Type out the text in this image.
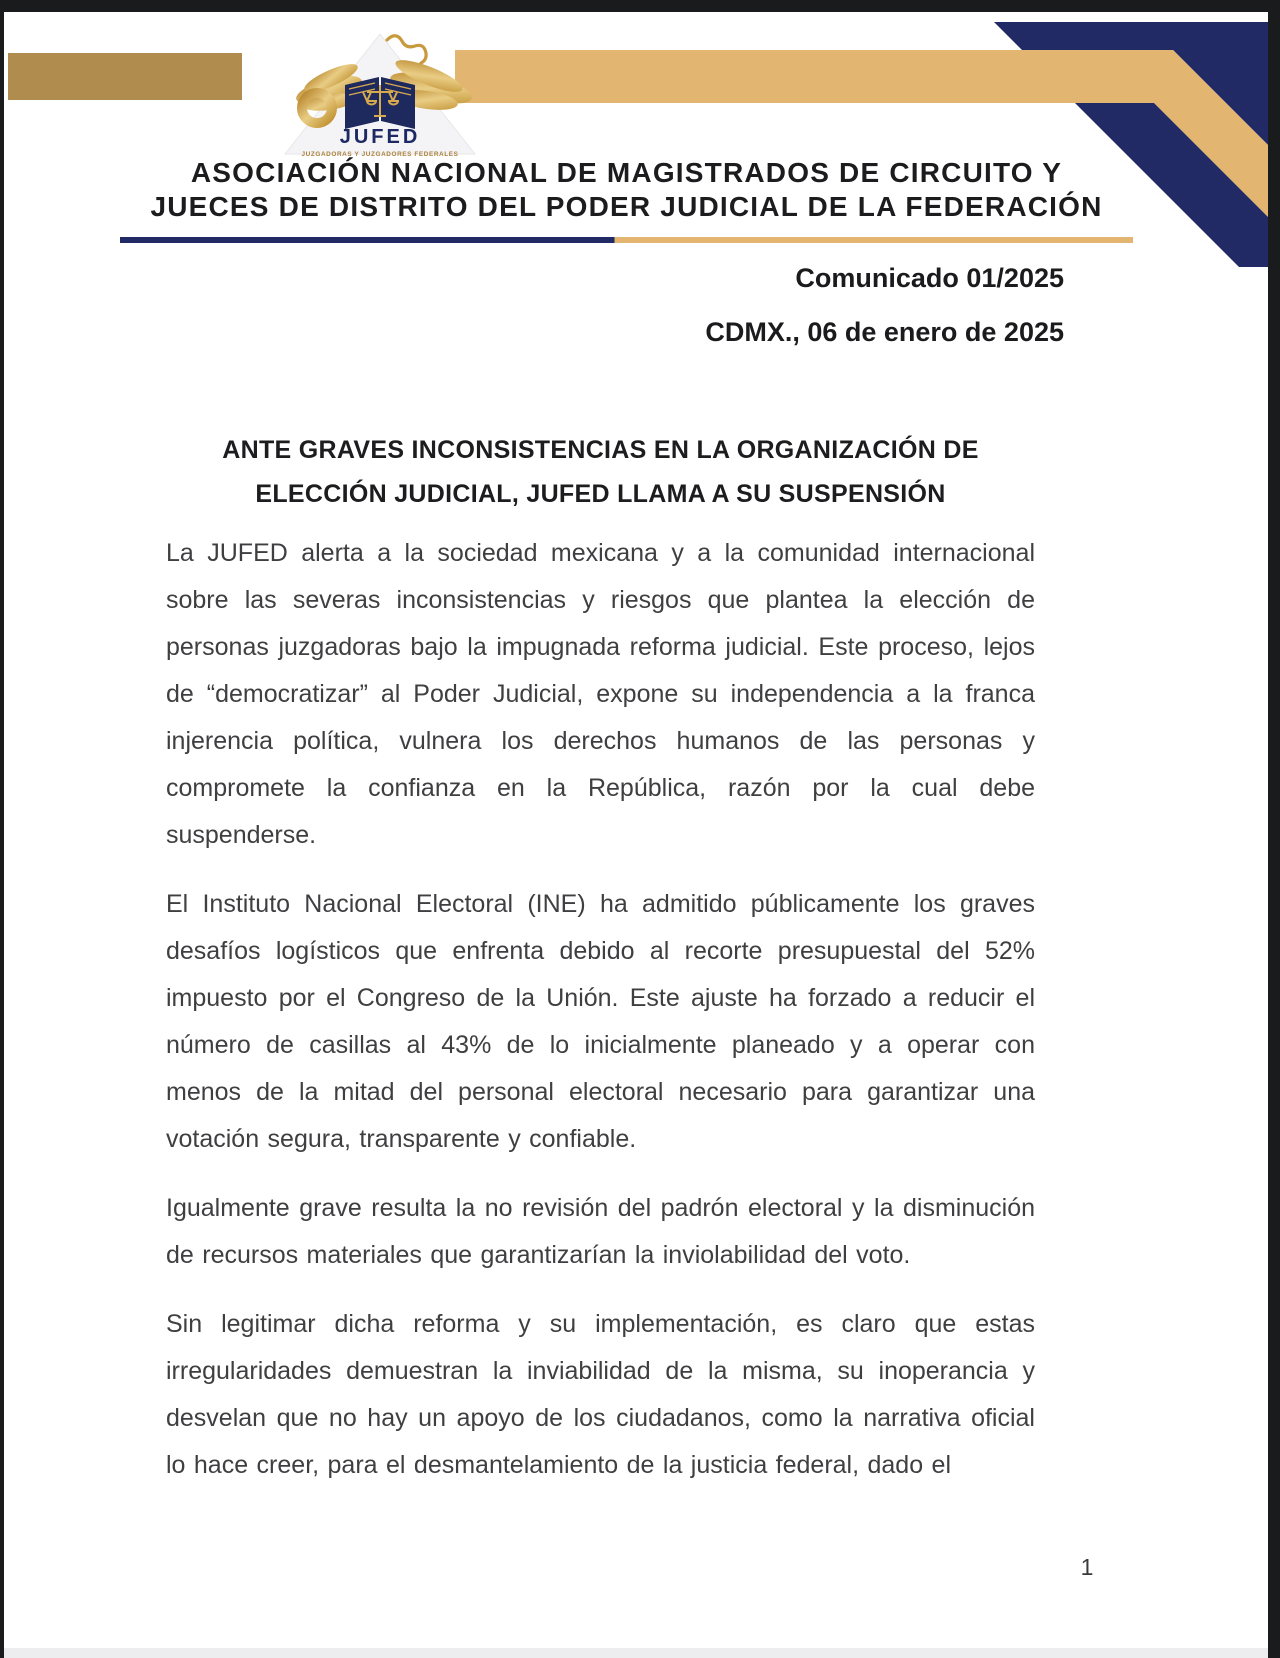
JUFED
JUZGADORAS Y JUZGADORES FEDERALES
ASOCIACIÓN NACIONAL DE MAGISTRADOS DE CIRCUITO Y
JUECES DE DISTRITO DEL PODER JUDICIAL DE LA FEDERACIÓN
Comunicado 01/2025
CDMX., 06 de enero de 2025
ANTE GRAVES INCONSISTENCIAS EN LA ORGANIZACIÓN DE
ELECCIÓN JUDICIAL, JUFED LLAMA A SU SUSPENSIÓN

La JUFED alerta a la sociedad mexicana y a la comunidad internacional sobre las severas inconsistencias y riesgos que plantea la elección de personas juzgadoras bajo la impugnada reforma judicial. Este proceso, lejos de “democratizar” al Poder Judicial, expone su independencia a la franca injerencia política, vulnera los derechos humanos de las personas y compromete la confianza en la República, razón por la cual debe suspenderse.

El Instituto Nacional Electoral (INE) ha admitido públicamente los graves desafíos logísticos que enfrenta debido al recorte presupuestal del 52% impuesto por el Congreso de la Unión. Este ajuste ha forzado a reducir el número de casillas al 43% de lo inicialmente planeado y a operar con menos de la mitad del personal electoral necesario para garantizar una votación segura, transparente y confiable.

Igualmente grave resulta la no revisión del padrón electoral y la disminución de recursos materiales que garantizarían la inviolabilidad del voto.

Sin legitimar dicha reforma y su implementación, es claro que estas irregularidades demuestran la inviabilidad de la misma, su inoperancia y desvelan que no hay un apoyo de los ciudadanos, como la narrativa oficial lo hace creer, para el desmantelamiento de la justicia federal, dado el

1
